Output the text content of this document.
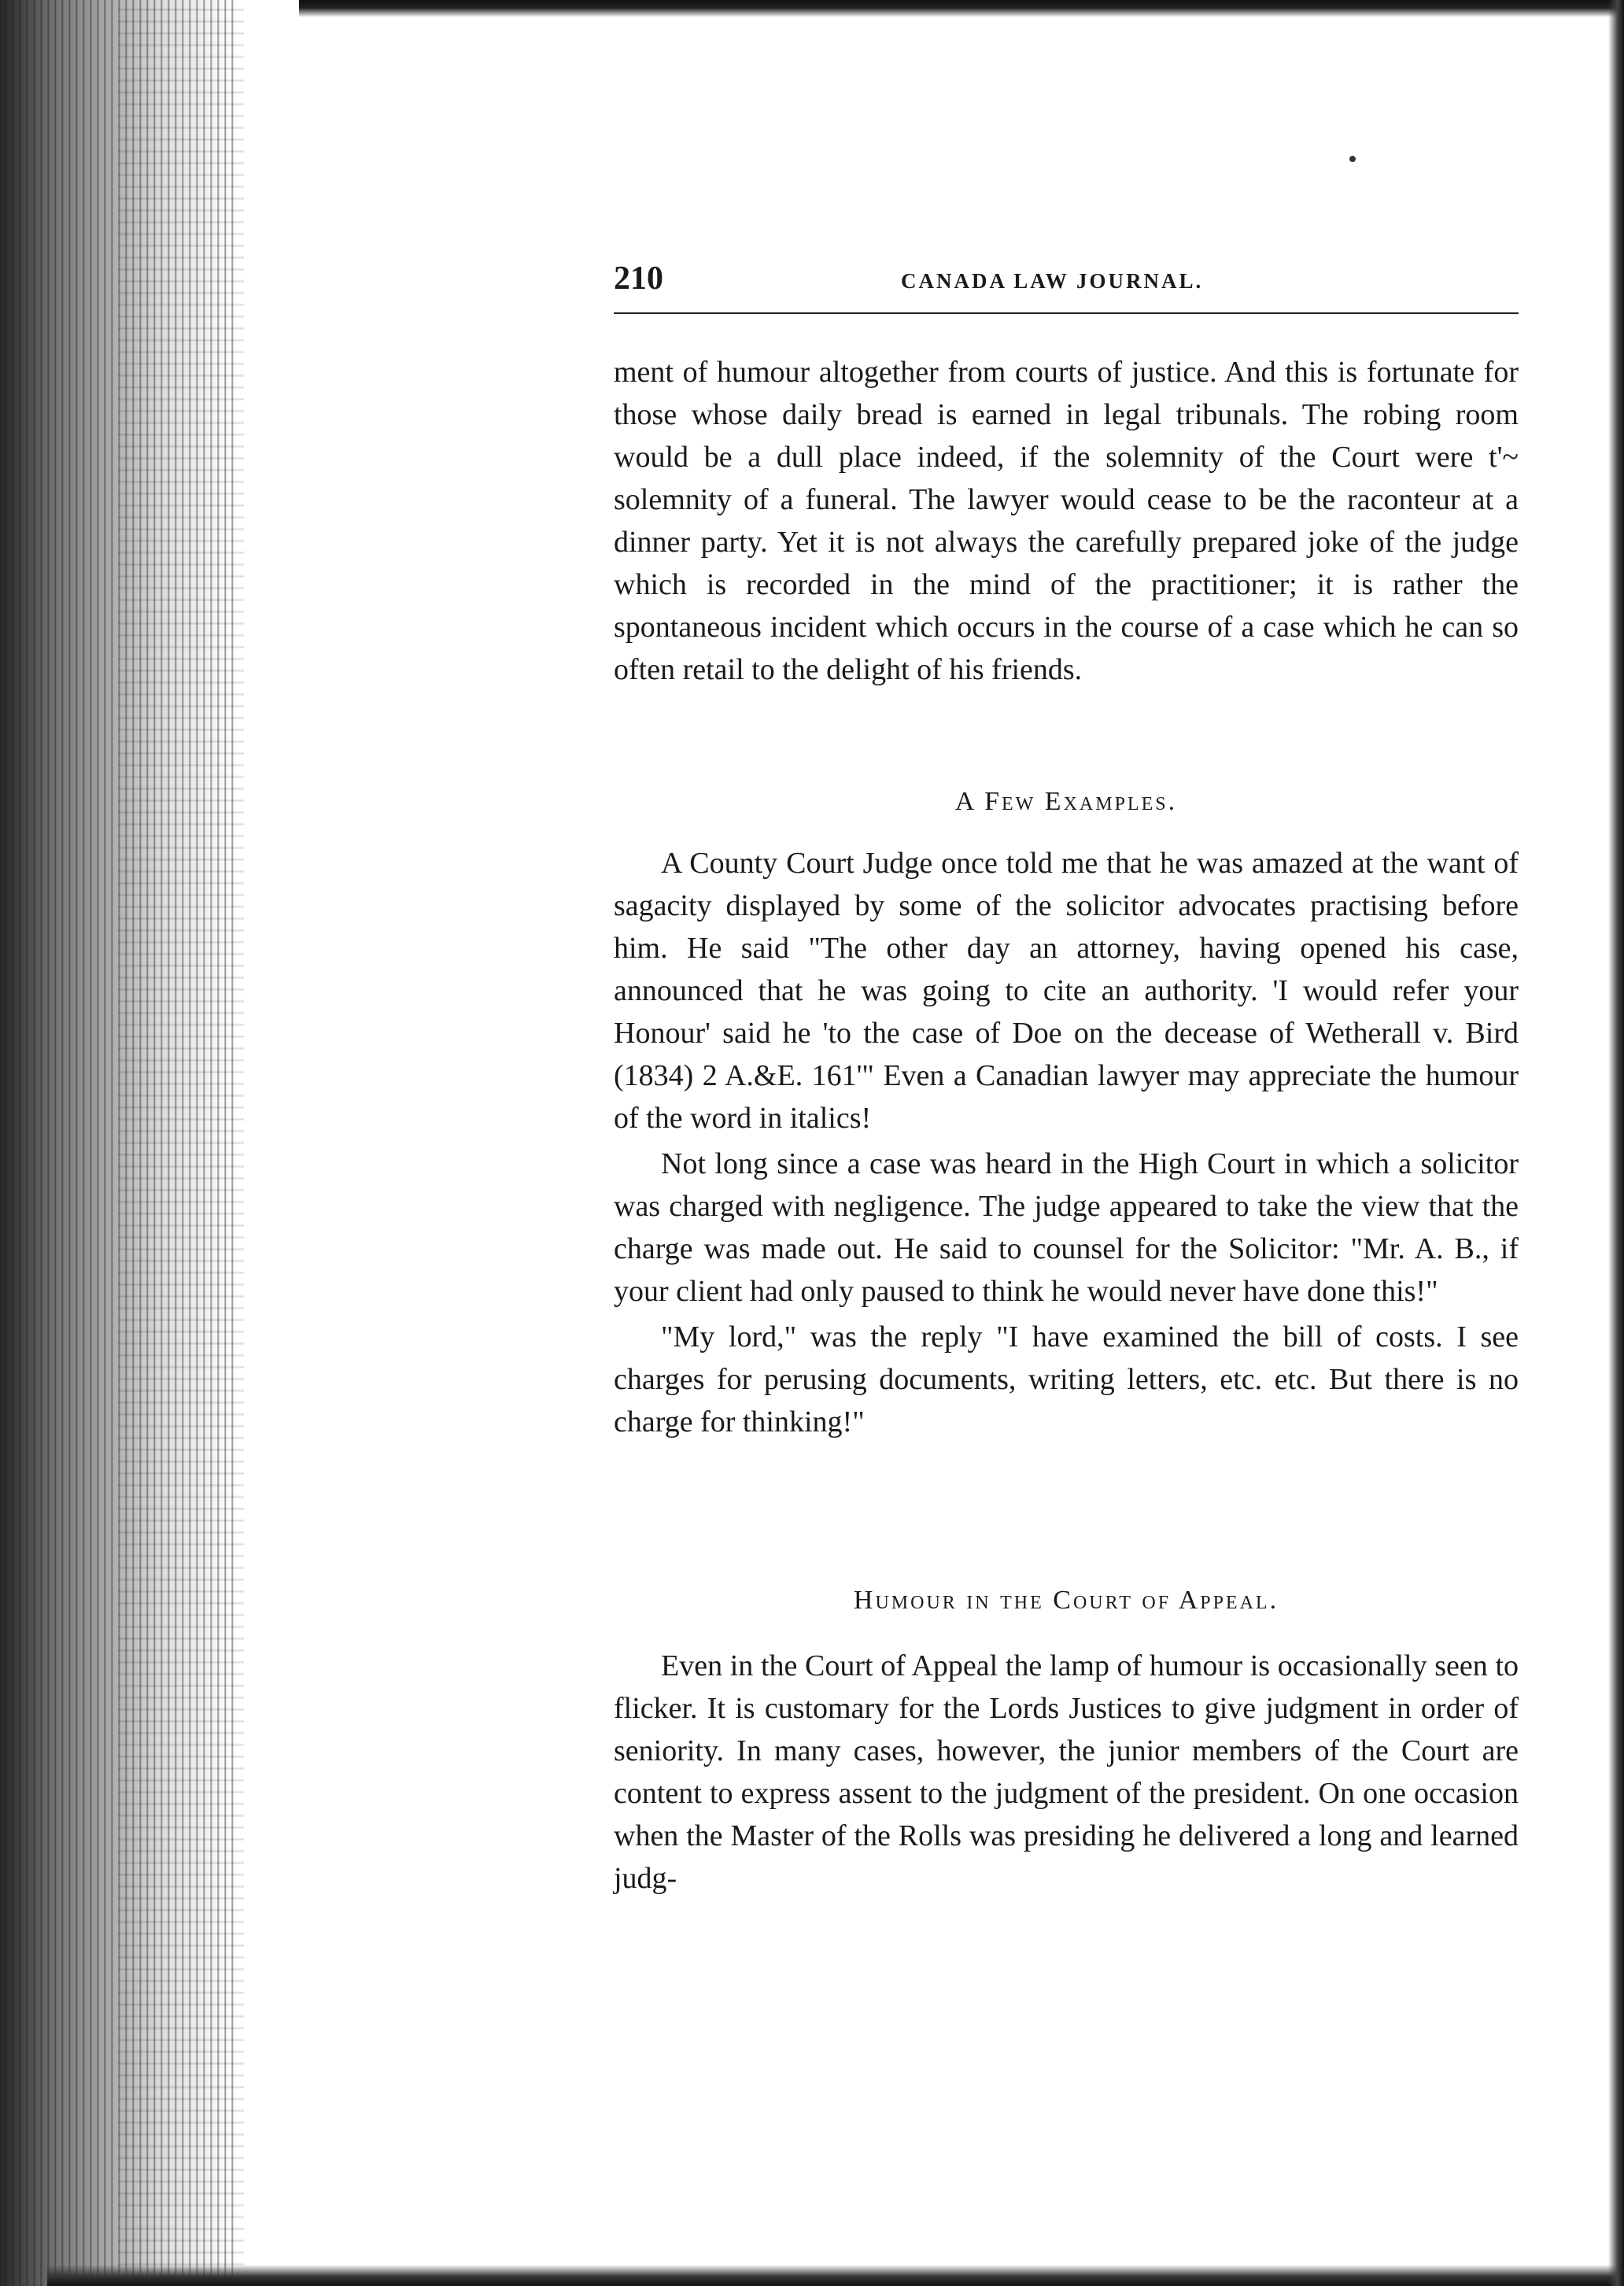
210	CANADA LAW JOURNAL.

ment of humour altogether from courts of justice. And this is fortunate for those whose daily bread is earned in legal tribunals. The robing room would be a dull place indeed, if the solemnity of the Court were t'~ solemnity of a funeral. The lawyer would cease to be the raconteur at a dinner party. Yet it is not always the carefully prepared joke of the judge which is recorded in the mind of the practitioner; it is rather the spontaneous incident which occurs in the course of a case which he can so often retail to the delight of his friends.

A Few Examples.

A County Court Judge once told me that he was amazed at the want of sagacity displayed by some of the solicitor advocates practising before him. He said "The other day an attorney, having opened his case, announced that he was going to cite an authority. 'I would refer your Honour' said he 'to the case of Doe on the decease of Wetherall v. Bird (1834) 2 A.&E. 161'" Even a Canadian lawyer may appreciate the humour of the word in italics!

Not long since a case was heard in the High Court in which a solicitor was charged with negligence. The judge appeared to take the view that the charge was made out. He said to counsel for the Solicitor: "Mr. A. B., if your client had only paused to think he would never have done this!"

"My lord," was the reply "I have examined the bill of costs. I see charges for perusing documents, writing letters, etc. etc. But there is no charge for thinking!"

Humour in the Court of Appeal.

Even in the Court of Appeal the lamp of humour is occasionally seen to flicker. It is customary for the Lords Justices to give judgment in order of seniority. In many cases, however, the junior members of the Court are content to express assent to the judgment of the president. On one occasion when the Master of the Rolls was presiding he delivered a long and learned judg-
